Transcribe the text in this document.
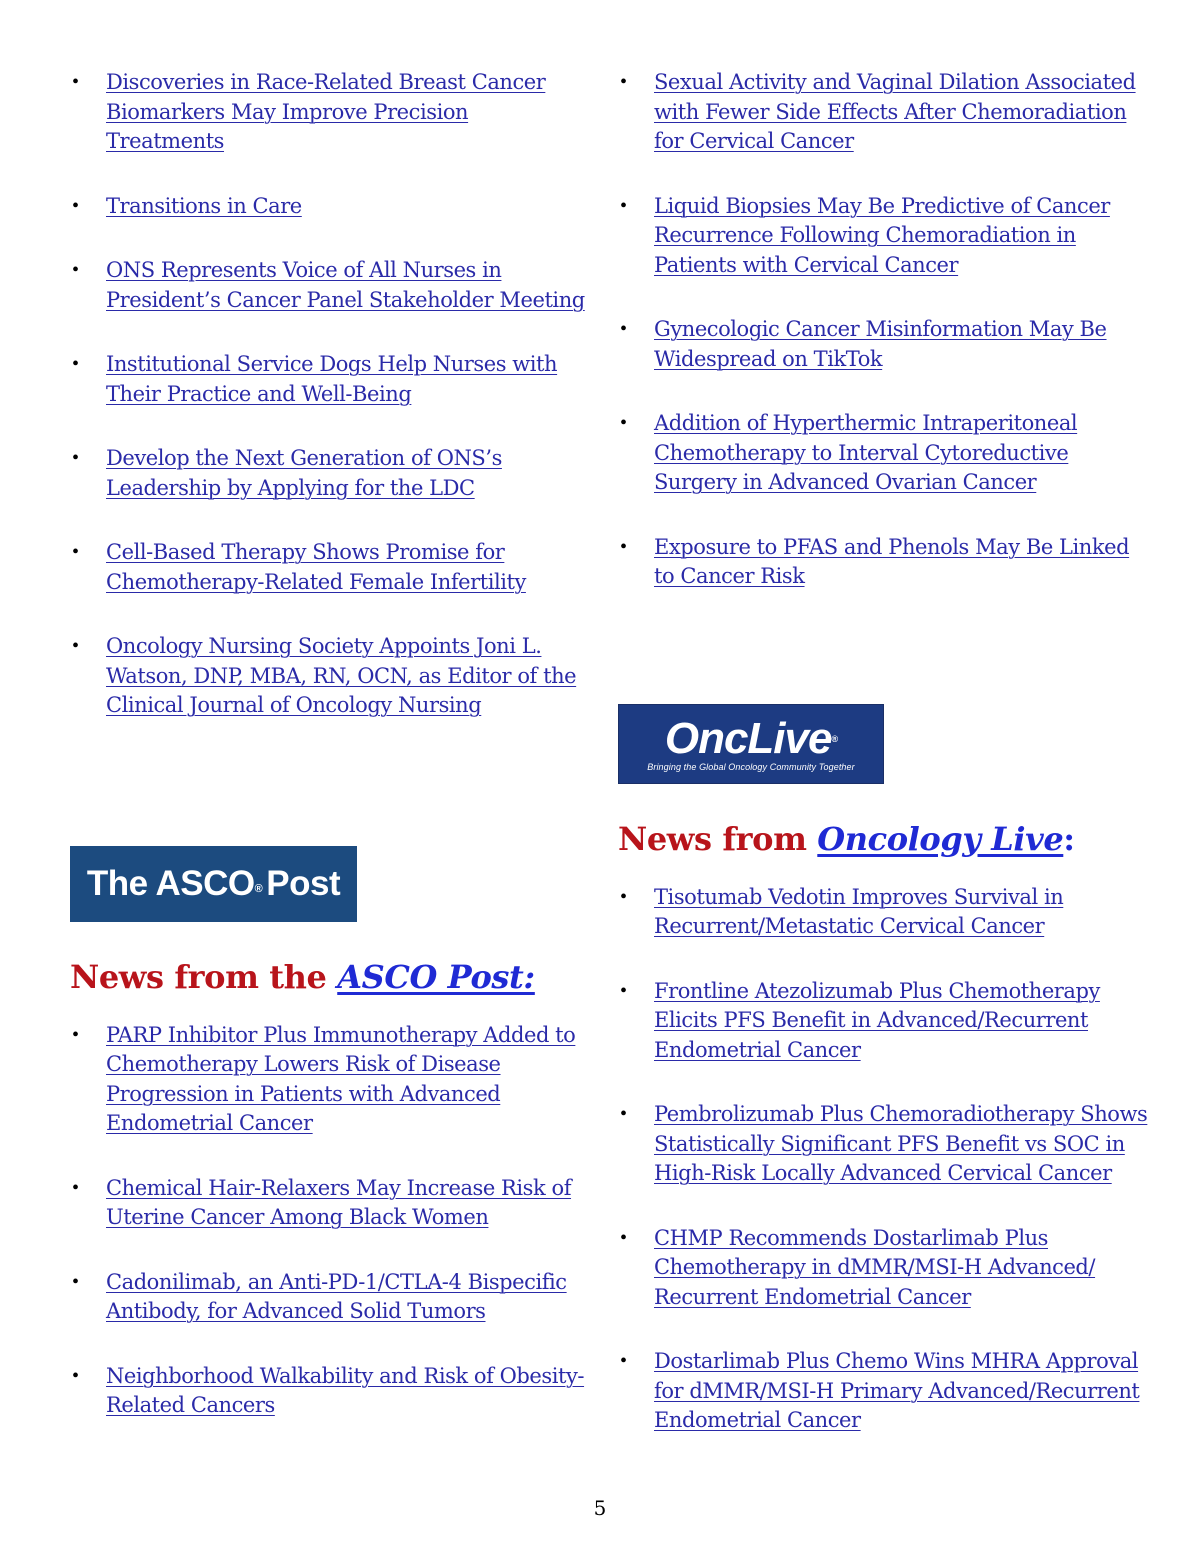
• Discoveries in Race-Related Breast Cancer Biomarkers May Improve Precision Treatments
• Transitions in Care
• ONS Represents Voice of All Nurses in President’s Cancer Panel Stakeholder Meeting
• Institutional Service Dogs Help Nurses with Their Practice and Well-Being
• Develop the Next Generation of ONS’s Leadership by Applying for the LDC
• Cell-Based Therapy Shows Promise for Chemotherapy-Related Female Infertility
• Oncology Nursing Society Appoints Joni L. Watson, DNP, MBA, RN, OCN, as Editor of the Clinical Journal of Oncology Nursing
The ASCO ® Post
News from the ASCO Post:
• PARP Inhibitor Plus Immunotherapy Added to Chemotherapy Lowers Risk of Disease Progression in Patients with Advanced Endometrial Cancer
• Chemical Hair-Relaxers May Increase Risk of Uterine Cancer Among Black Women
• Cadonilimab, an Anti-PD-1/CTLA-4 Bispecific Antibody, for Advanced Solid Tumors
• Neighborhood Walkability and Risk of Obesity-Related Cancers
• Sexual Activity and Vaginal Dilation Associated with Fewer Side Effects After Chemoradiation for Cervical Cancer
• Liquid Biopsies May Be Predictive of Cancer Recurrence Following Chemoradiation in Patients with Cervical Cancer
• Gynecologic Cancer Misinformation May Be Widespread on TikTok
• Addition of Hyperthermic Intraperitoneal Chemotherapy to Interval Cytoreductive Surgery in Advanced Ovarian Cancer
• Exposure to PFAS and Phenols May Be Linked to Cancer Risk
OncLive®
Bringing the Global Oncology Community Together
News from Oncology Live:
• Tisotumab Vedotin Improves Survival in Recurrent/Metastatic Cervical Cancer
• Frontline Atezolizumab Plus Chemotherapy Elicits PFS Benefit in Advanced/Recurrent Endometrial Cancer
• Pembrolizumab Plus Chemoradiotherapy Shows Statistically Significant PFS Benefit vs SOC in High-Risk Locally Advanced Cervical Cancer
• CHMP Recommends Dostarlimab Plus Chemotherapy in dMMR/MSI-H Advanced/ Recurrent Endometrial Cancer
• Dostarlimab Plus Chemo Wins MHRA Approval for dMMR/MSI-H Primary Advanced/Recurrent Endometrial Cancer
5
